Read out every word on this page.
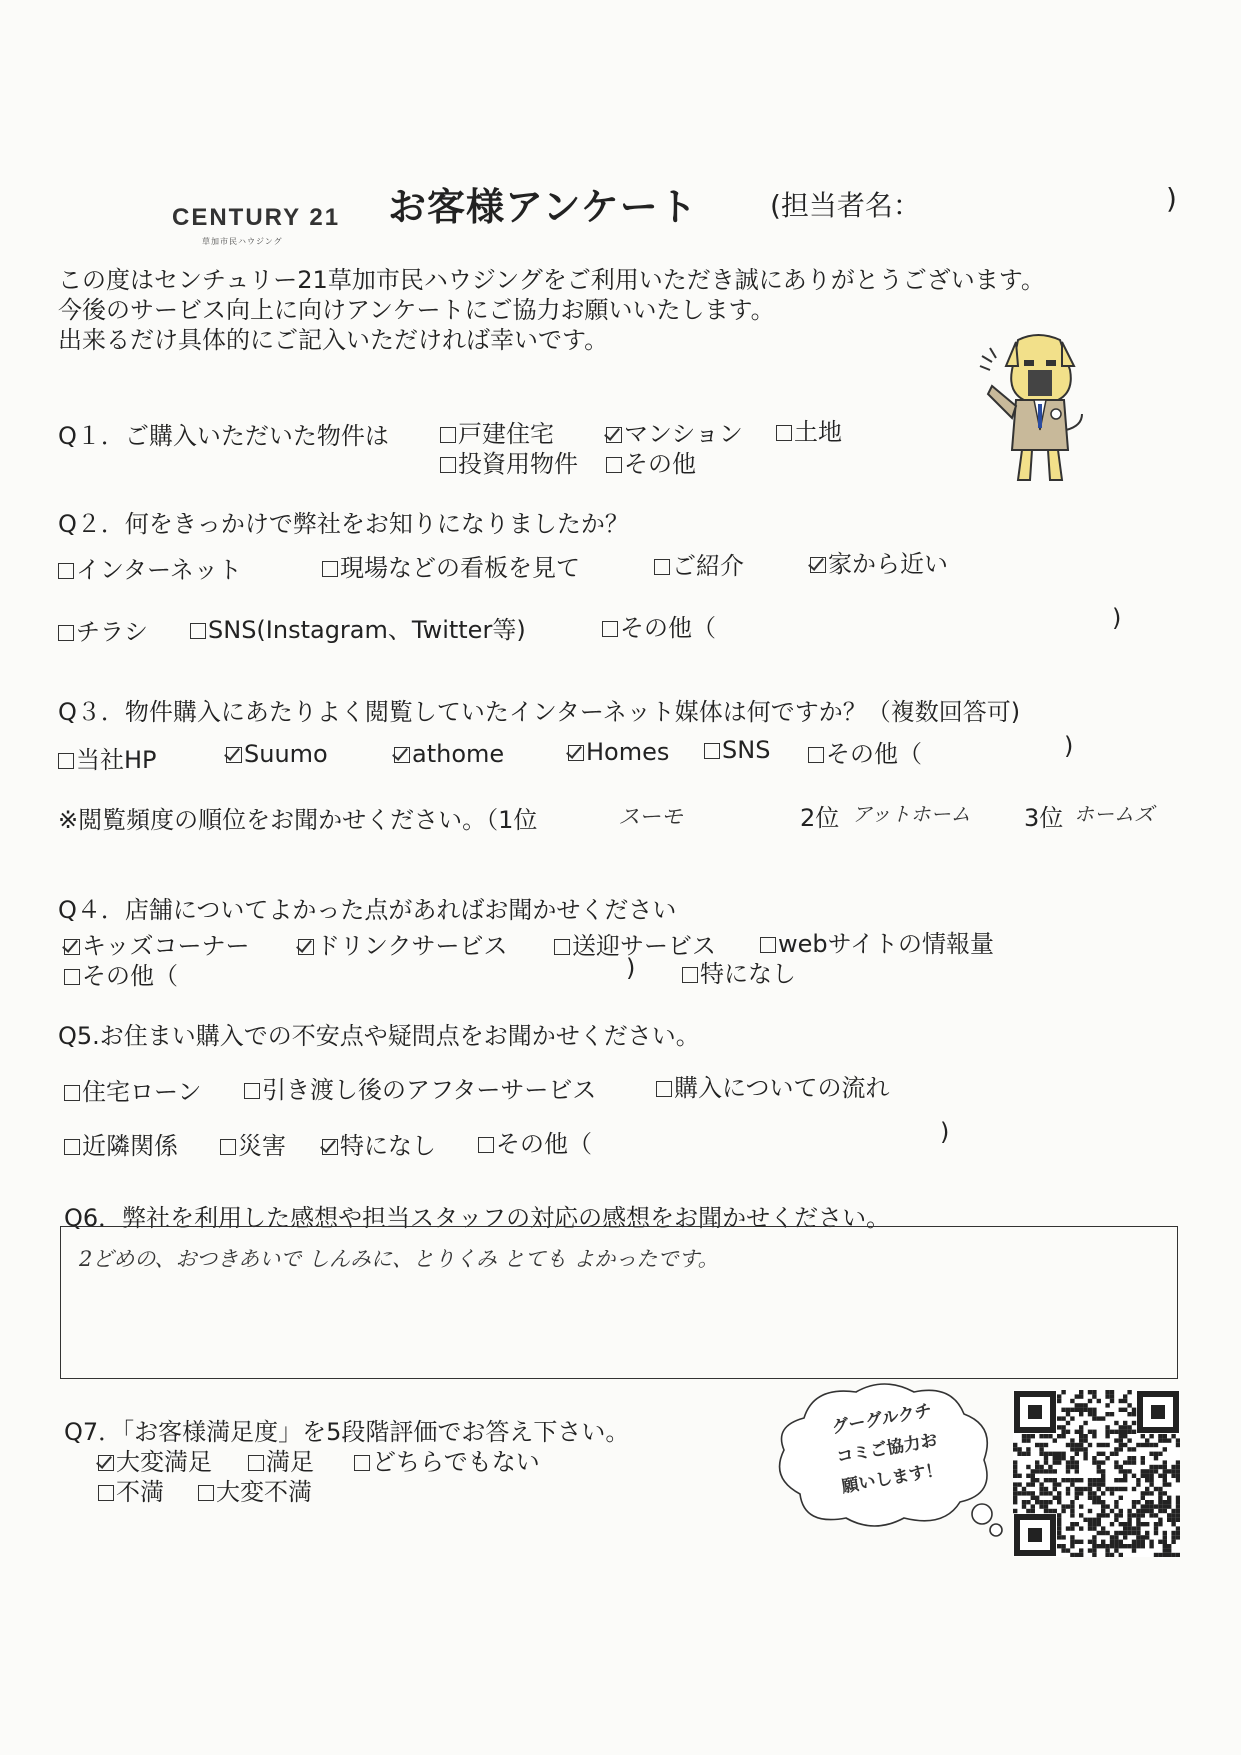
CENTURY 21
草加市民ハウジング
お客様アンケート	(担当者名：	)
この度はセンチュリー21草加市民ハウジングをご利用いただき誠にありがとうございます。
今後のサービス向上に向けアンケートにご協力お願いいたします。
出来るだけ具体的にご記入いただければ幸いです。
Q１．ご購入いただいた物件は	戸建住宅	マンション	土地
投資用物件	その他
Q２．何をきっかけで弊社をお知りになりましたか？
インターネット	現場などの看板を見て	ご紹介	家から近い
チラシ	SNS(Instagram、Twitter等)	その他（	)
Q３．物件購入にあたりよく閲覧していたインターネット媒体は何ですか？（複数回答可)
当社HP	Suumo	athome	Homes	SNS	その他（	)
※閲覧頻度の順位をお聞かせください。（1位	スーモ	2位 アットホーム 3位 ホームズ
Q４．店舗についてよかった点があればお聞かせください
キッズコーナー	ドリンクサービス	送迎サービス	webサイトの情報量
その他（	)	特になし
Q5.お住まい購入での不安点や疑問点をお聞かせください。
住宅ローン	引き渡し後のアフターサービス	購入についての流れ
近隣関係	災害	特になし	その他（	)
Q6．弊社を利用した感想や担当スタッフの対応の感想をお聞かせください。
2どめの、おつきあいで しんみに、とりくみ とても よかったです。
Q7．「お客様満足度」を5段階評価でお答え下さい。
大変満足	満足	どちらでもない
不満	大変不満
グーグルクチ
コミご協力お
願いします！
